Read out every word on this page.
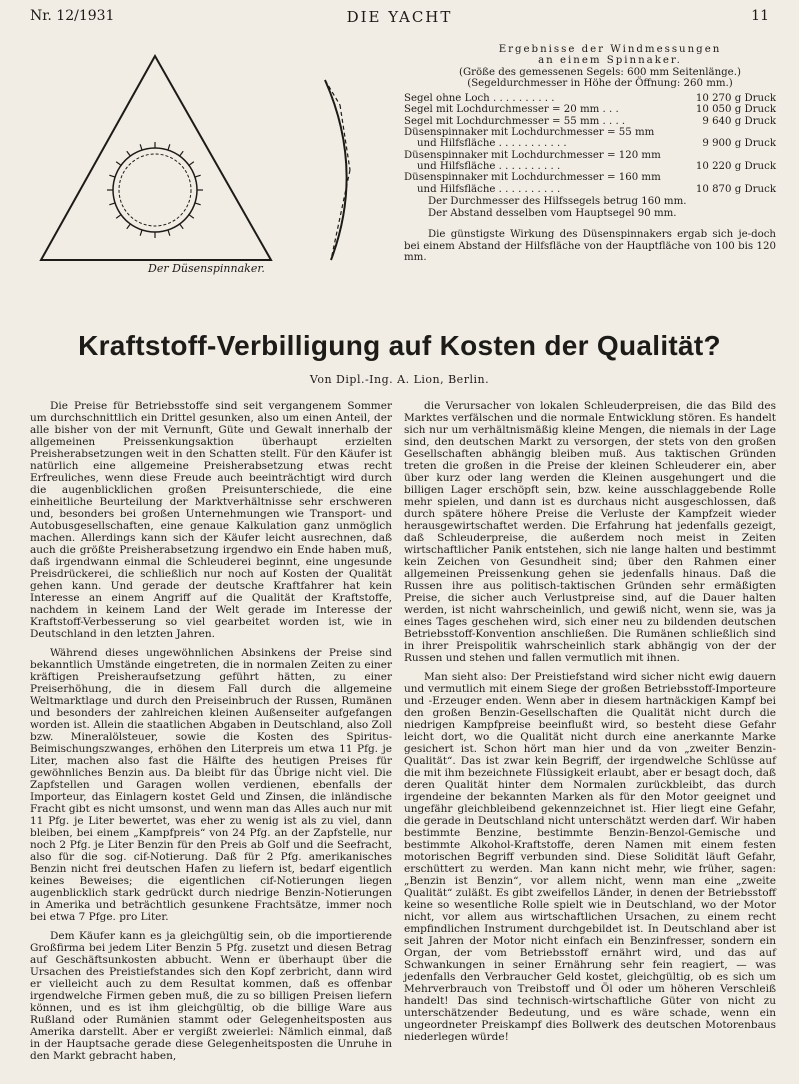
Nr. 12/1931	DIE YACHT	11
Der Düsenspinnaker.
Ergebnisse der Windmessungen
an einem Spinnaker.
(Größe des gemessenen Segels: 600 mm Seitenlänge.)
(Segeldurchmesser in Höhe der Öffnung: 260 mm.)
Segel ohne Loch . . . . . . . . . .	10 270 g Druck
Segel mit Lochdurchmesser = 20 mm . . .	10 050 g Druck
Segel mit Lochdurchmesser = 55 mm . . . .	9 640 g Druck
Düsenspinnaker mit Lochdurchmesser = 55 mm
und Hilfsfläche . . . . . . . . . . .	9 900 g Druck
Düsenspinnaker mit Lochdurchmesser = 120 mm
und Hilfsfläche . . . . . . . . . .	10 220 g Druck
Düsenspinnaker mit Lochdurchmesser = 160 mm
und Hilfsfläche . . . . . . . . . .	10 870 g Druck
Der Durchmesser des Hilfssegels betrug 160 mm.
Der Abstand desselben vom Hauptsegel 90 mm.
Die günstigste Wirkung des Düsenspinnakers ergab sich je-doch bei einem Abstand der Hilfsfläche von der Hauptfläche von 100 bis 120 mm.
Kraftstoff-Verbilligung auf Kosten der Qualität?
Von Dipl.-Ing. A. Lion, Berlin.

Die Preise für Betriebsstoffe sind seit vergangenem Sommer um durchschnittlich ein Drittel gesunken, also um einen Anteil, der alle bisher von der mit Vernunft, Güte und Gewalt innerhalb der allgemeinen Preissenkungsaktion überhaupt erzielten Preisherabsetzungen weit in den Schatten stellt. Für den Käufer ist natürlich eine allgemeine Preisherabsetzung etwas recht Erfreuliches, wenn diese Freude auch beeinträchtigt wird durch die augenblicklichen großen Preisunterschiede, die eine einheitliche Beurteilung der Marktverhältnisse sehr erschweren und, besonders bei großen Unternehmungen wie Transport- und Autobusgesellschaften, eine genaue Kalkulation ganz unmöglich machen. Allerdings kann sich der Käufer leicht ausrechnen, daß auch die größte Preisherabsetzung irgendwo ein Ende haben muß, daß irgendwann einmal die Schleuderei beginnt, eine ungesunde Preisdrückerei, die schließlich nur noch auf Kosten der Qualität gehen kann. Und gerade der deutsche Kraftfahrer hat kein Interesse an einem Angriff auf die Qualität der Kraftstoffe, nachdem in keinem Land der Welt gerade im Interesse der Kraftstoff-Verbesserung so viel gearbeitet worden ist, wie in Deutschland in den letzten Jahren.

Während dieses ungewöhnlichen Absinkens der Preise sind bekanntlich Umstände eingetreten, die in normalen Zeiten zu einer kräftigen Preisheraufsetzung geführt hätten, zu einer Preiserhöhung, die in diesem Fall durch die allgemeine Weltmarktlage und durch den Preiseinbruch der Russen, Rumänen und besonders der zahlreichen kleinen Außenseiter aufgefangen worden ist. Allein die staatlichen Abgaben in Deutschland, also Zoll bzw. Mineralölsteuer, sowie die Kosten des Spiritus-Beimischungszwanges, erhöhen den Literpreis um etwa 11 Pfg. je Liter, machen also fast die Hälfte des heutigen Preises für gewöhnliches Benzin aus. Da bleibt für das Übrige nicht viel. Die Zapfstellen und Garagen wollen verdienen, ebenfalls der Importeur, das Einlagern kostet Geld und Zinsen, die inländische Fracht gibt es nicht umsonst, und wenn man das Alles auch nur mit 11 Pfg. je Liter bewertet, was eher zu wenig ist als zu viel, dann bleiben, bei einem „Kampfpreis“ von 24 Pfg. an der Zapfstelle, nur noch 2 Pfg. je Liter Benzin für den Preis ab Golf und die Seefracht, also für die sog. cif-Notierung. Daß für 2 Pfg. amerikanisches Benzin nicht frei deutschen Hafen zu liefern ist, bedarf eigentlich keines Beweises; die eigentlichen cif-Notierungen liegen augenblicklich stark gedrückt durch niedrige Benzin-Notierungen in Amerika und beträchtlich gesunkene Frachtsätze, immer noch bei etwa 7 Pfge. pro Liter.

Dem Käufer kann es ja gleichgültig sein, ob die importierende Großfirma bei jedem Liter Benzin 5 Pfg. zusetzt und diesen Betrag auf Geschäftsunkosten abbucht. Wenn er überhaupt über die Ursachen des Preistiefstandes sich den Kopf zerbricht, dann wird er vielleicht auch zu dem Resultat kommen, daß es offenbar irgendwelche Firmen geben muß, die zu so billigen Preisen liefern können, und es ist ihm gleichgültig, ob die billige Ware aus Rußland oder Rumänien stammt oder Gelegenheitsposten aus Amerika darstellt. Aber er vergißt zweierlei: Nämlich einmal, daß in der Hauptsache gerade diese Gelegenheitsposten die Unruhe in den Markt gebracht haben,

die Verursacher von lokalen Schleuderpreisen, die das Bild des Marktes verfälschen und die normale Entwicklung stören. Es handelt sich nur um verhältnismäßig kleine Mengen, die niemals in der Lage sind, den deutschen Markt zu versorgen, der stets von den großen Gesellschaften abhängig bleiben muß. Aus taktischen Gründen treten die großen in die Preise der kleinen Schleuderer ein, aber über kurz oder lang werden die Kleinen ausgehungert und die billigen Lager erschöpft sein, bzw. keine ausschlaggebende Rolle mehr spielen, und dann ist es durchaus nicht ausgeschlossen, daß durch spätere höhere Preise die Verluste der Kampfzeit wieder herausgewirtschaftet werden. Die Erfahrung hat jedenfalls gezeigt, daß Schleuderpreise, die außerdem noch meist in Zeiten wirtschaftlicher Panik entstehen, sich nie lange halten und bestimmt kein Zeichen von Gesundheit sind; über den Rahmen einer allgemeinen Preissenkung gehen sie jedenfalls hinaus. Daß die Russen ihre aus politisch-taktischen Gründen sehr ermäßigten Preise, die sicher auch Verlustpreise sind, auf die Dauer halten werden, ist nicht wahrscheinlich, und gewiß nicht, wenn sie, was ja eines Tages geschehen wird, sich einer neu zu bildenden deutschen Betriebsstoff-Konvention anschließen. Die Rumänen schließlich sind in ihrer Preispolitik wahrscheinlich stark abhängig von der der Russen und stehen und fallen vermutlich mit ihnen.

Man sieht also: Der Preistiefstand wird sicher nicht ewig dauern und vermutlich mit einem Siege der großen Betriebsstoff-Importeure und -Erzeuger enden. Wenn aber in diesem hartnäckigen Kampf bei den großen Benzin-Gesellschaften die Qualität nicht durch die niedrigen Kampfpreise beeinflußt wird, so besteht diese Gefahr leicht dort, wo die Qualität nicht durch eine anerkannte Marke gesichert ist. Schon hört man hier und da von „zweiter Benzin-Qualität“. Das ist zwar kein Begriff, der irgendwelche Schlüsse auf die mit ihm bezeichnete Flüssigkeit erlaubt, aber er besagt doch, daß deren Qualität hinter dem Normalen zurückbleibt, das durch irgendeine der bekannten Marken als für den Motor geeignet und ungefähr gleichbleibend gekennzeichnet ist. Hier liegt eine Gefahr, die gerade in Deutschland nicht unterschätzt werden darf. Wir haben bestimmte Benzine, bestimmte Benzin-Benzol-Gemische und bestimmte Alkohol-Kraftstoffe, deren Namen mit einem festen motorischen Begriff verbunden sind. Diese Solidität läuft Gefahr, erschüttert zu werden. Man kann nicht mehr, wie früher, sagen: „Benzin ist Benzin“, vor allem nicht, wenn man eine „zweite Qualität“ zuläßt. Es gibt zweifellos Länder, in denen der Betriebsstoff keine so wesentliche Rolle spielt wie in Deutschland, wo der Motor nicht, vor allem aus wirtschaftlichen Ursachen, zu einem recht empfindlichen Instrument durchgebildet ist. In Deutschland aber ist seit Jahren der Motor nicht einfach ein Benzinfresser, sondern ein Organ, der vom Betriebsstoff ernährt wird, und das auf Schwankungen in seiner Ernährung sehr fein reagiert, — was jedenfalls den Verbraucher Geld kostet, gleichgültig, ob es sich um Mehrverbrauch von Treibstoff und Öl oder um höheren Verschleiß handelt! Das sind technisch-wirtschaftliche Güter von nicht zu unterschätzender Bedeutung, und es wäre schade, wenn ein ungeordneter Preiskampf dies Bollwerk des deutschen Motorenbaus niederlegen würde!
